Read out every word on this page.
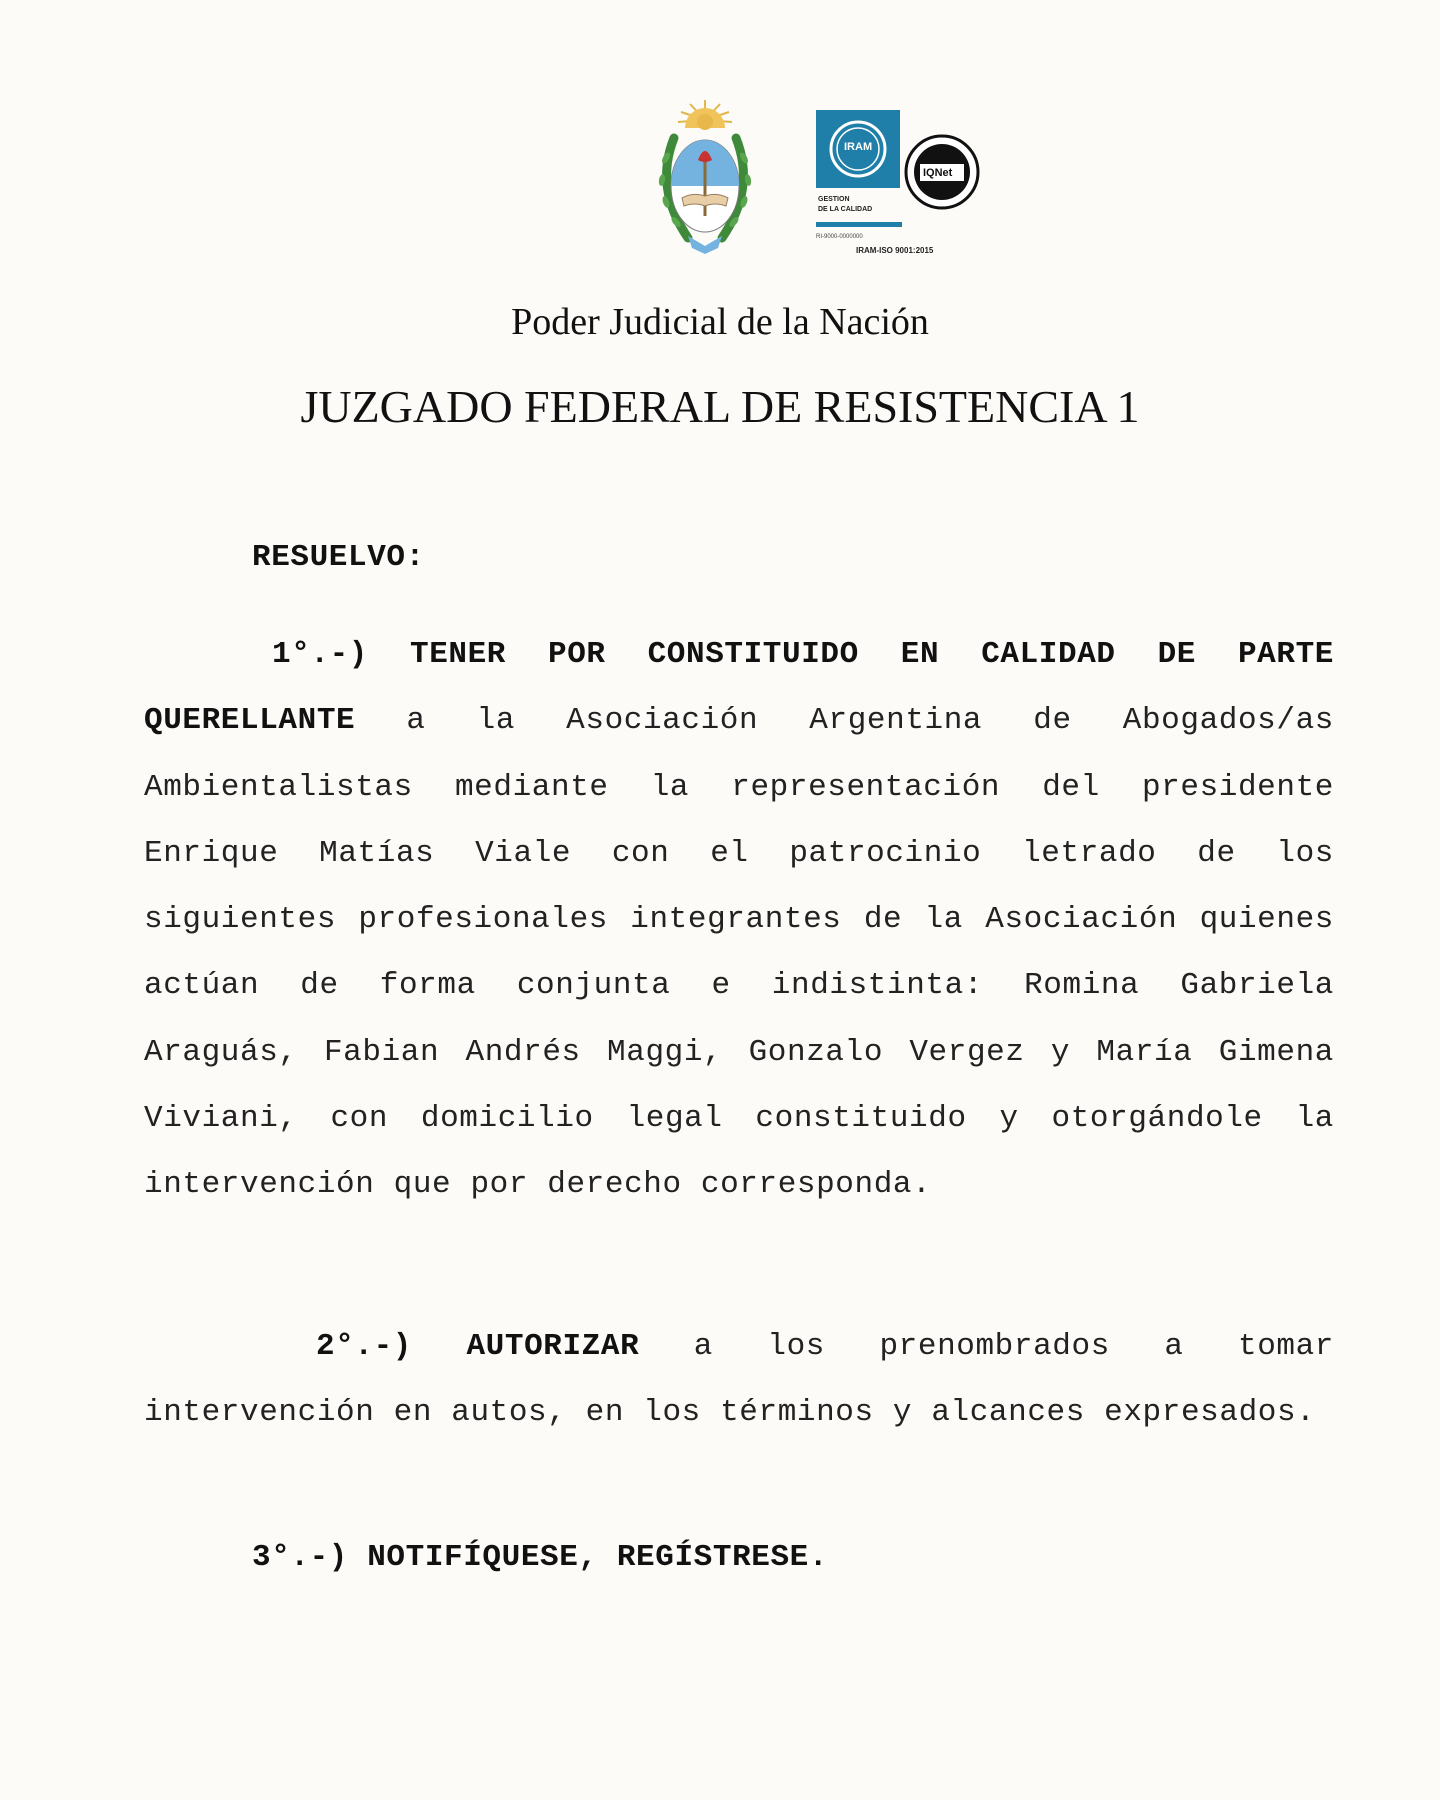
IRAM
IQNet
GESTION
DE LA CALIDAD
RI-9000-0000000
IRAM-ISO 9001:2015
Poder Judicial de la Nación
JUZGADO FEDERAL DE RESISTENCIA 1
RESUELVO:
1°.-) TENER POR CONSTITUIDO EN CALIDAD DE PARTE QUERELLANTE a la Asociación Argentina de Abogados/as Ambientalistas mediante la representación del presidente Enrique Matías Viale con el patrocinio letrado de los siguientes profesionales integrantes de la Asociación quienes actúan de forma conjunta e indistinta: Romina Gabriela Araguás, Fabian Andrés Maggi, Gonzalo Vergez y María Gimena Viviani, con domicilio legal constituido y otorgándole la intervención que por derecho corresponda.
2°.-) AUTORIZAR a los prenombrados a tomar intervención en autos, en los términos y alcances expresados.
3°.-) NOTIFÍQUESE, REGÍSTRESE.
